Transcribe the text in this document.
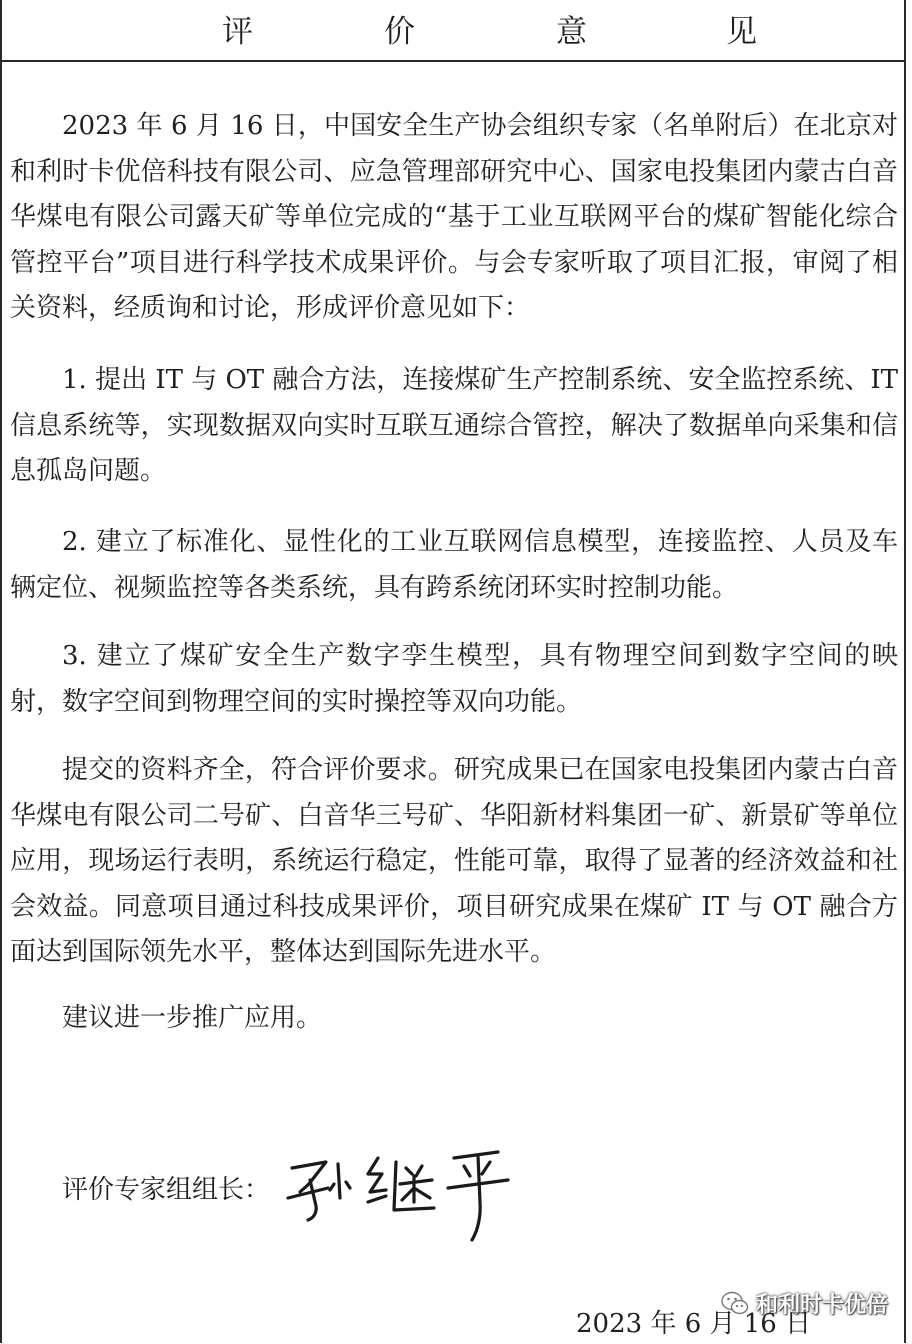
评	价	意	见

2023 年 6 月 16 日，中国安全生产协会组织专家（名单附后）在北京对和利时卡优倍科技有限公司、应急管理部研究中心、国家电投集团内蒙古白音华煤电有限公司露天矿等单位完成的“基于工业互联网平台的煤矿智能化综合管控平台”项目进行科学技术成果评价。与会专家听取了项目汇报，审阅了相关资料，经质询和讨论，形成评价意见如下：

1. 提出 IT 与 OT 融合方法，连接煤矿生产控制系统、安全监控系统、IT 信息系统等，实现数据双向实时互联互通综合管控，解决了数据单向采集和信息孤岛问题。

2. 建立了标准化、显性化的工业互联网信息模型，连接监控、人员及车辆定位、视频监控等各类系统，具有跨系统闭环实时控制功能。

3. 建立了煤矿安全生产数字孪生模型，具有物理空间到数字空间的映射，数字空间到物理空间的实时操控等双向功能。

提交的资料齐全，符合评价要求。研究成果已在国家电投集团内蒙古白音华煤电有限公司二号矿、白音华三号矿、华阳新材料集团一矿、新景矿等单位应用，现场运行表明，系统运行稳定，性能可靠，取得了显著的经济效益和社会效益。同意项目通过科技成果评价，项目研究成果在煤矿 IT 与 OT 融合方面达到国际领先水平，整体达到国际先进水平。

建议进一步推广应用。

评价专家组组长：
和利时卡优倍
2023 年 6 月 16 日
